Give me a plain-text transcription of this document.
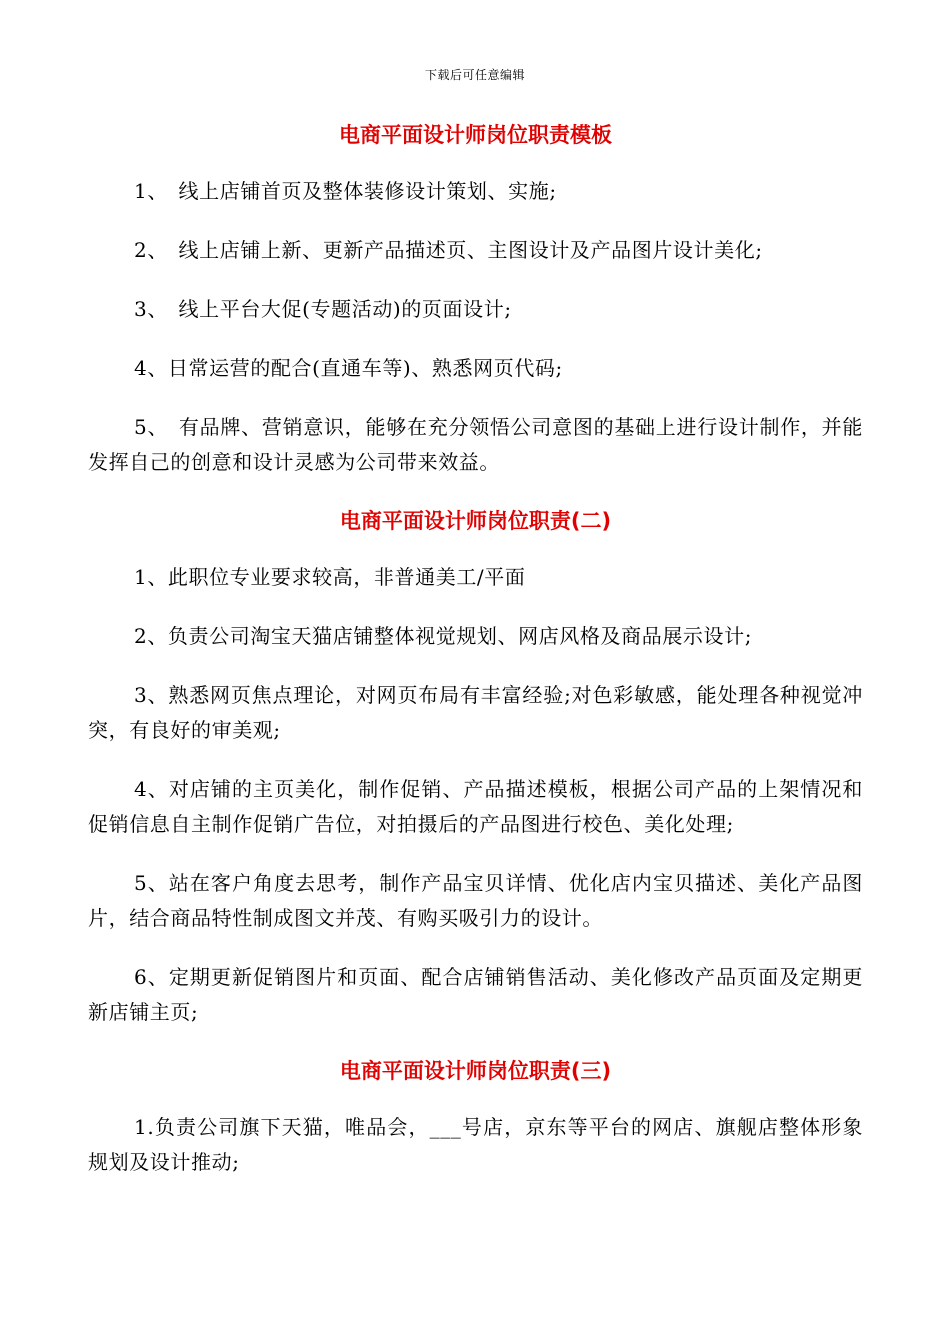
下载后可任意编辑
电商平面设计师岗位职责模板

1、　线上店铺首页及整体装修设计策划、实施;

2、　线上店铺上新、更新产品描述页、主图设计及产品图片设计美化;

3、　线上平台大促(专题活动)的页面设计;

4、日常运营的配合(直通车等)、熟悉网页代码;

5、　有品牌、营销意识，能够在充分领悟公司意图的基础上进行设计制作，并能发挥自己的创意和设计灵感为公司带来效益。

电商平面设计师岗位职责(二)

1、此职位专业要求较高，非普通美工/平面

2、负责公司淘宝天猫店铺整体视觉规划、网店风格及商品展示设计;

3、熟悉网页焦点理论，对网页布局有丰富经验;对色彩敏感，能处理各种视觉冲突，有良好的审美观;

4、对店铺的主页美化，制作促销、产品描述模板，根据公司产品的上架情况和促销信息自主制作促销广告位，对拍摄后的产品图进行校色、美化处理;

5、站在客户角度去思考，制作产品宝贝详情、优化店内宝贝描述、美化产品图片，结合商品特性制成图文并茂、有购买吸引力的设计。

6、定期更新促销图片和页面、配合店铺销售活动、美化修改产品页面及定期更新店铺主页;

电商平面设计师岗位职责(三)

1.负责公司旗下天猫，唯品会，___号店，京东等平台的网店、旗舰店整体形象规划及设计推动;
